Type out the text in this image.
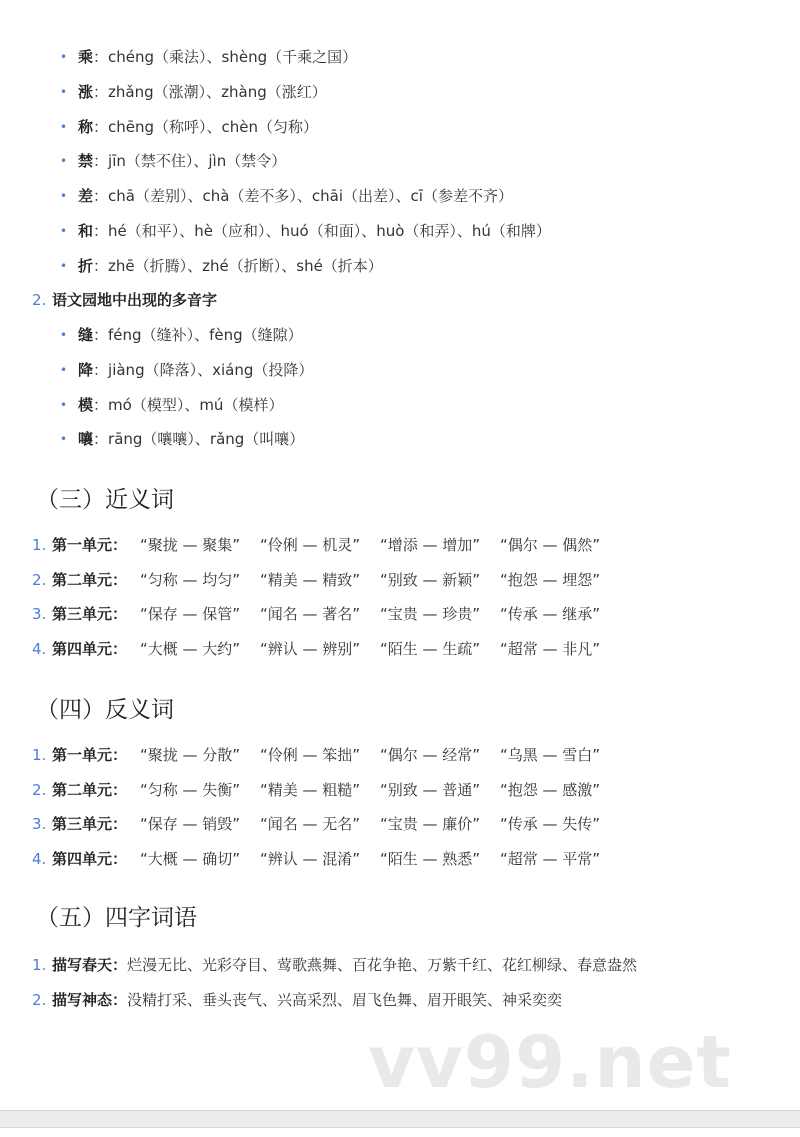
• 乘：chéng（乘法）、shèng（千乘之国）
• 涨：zhǎng（涨潮）、zhàng（涨红）
• 称：chēng（称呼）、chèn（匀称）
• 禁：jīn（禁不住）、jìn（禁令）
• 差：chā（差别）、chà（差不多）、chāi（出差）、cī（参差不齐）
• 和：hé（和平）、hè（应和）、huó（和面）、huò（和弄）、hú（和牌）
• 折：zhē（折腾）、zhé（折断）、shé（折本）
2. 语文园地中出现的多音字
• 缝：féng（缝补）、fèng（缝隙）
• 降：jiàng（降落）、xiáng（投降）
• 模：mó（模型）、mú（模样）
• 嚷：rāng（嚷嚷）、rǎng（叫嚷）
（三）近义词
1. 第一单元： “聚拢 — 聚集” “伶俐 — 机灵” “增添 — 增加” “偶尔 — 偶然”
2. 第二单元： “匀称 — 均匀” “精美 — 精致” “别致 — 新颖” “抱怨 — 埋怨”
3. 第三单元： “保存 — 保管” “闻名 — 著名” “宝贵 — 珍贵” “传承 — 继承”
4. 第四单元： “大概 — 大约” “辨认 — 辨别” “陌生 — 生疏” “超常 — 非凡”
（四）反义词
1. 第一单元： “聚拢 — 分散” “伶俐 — 笨拙” “偶尔 — 经常” “乌黑 — 雪白”
2. 第二单元： “匀称 — 失衡” “精美 — 粗糙” “别致 — 普通” “抱怨 — 感激”
3. 第三单元： “保存 — 销毁” “闻名 — 无名” “宝贵 — 廉价” “传承 — 失传”
4. 第四单元： “大概 — 确切” “辨认 — 混淆” “陌生 — 熟悉” “超常 — 平常”
（五）四字词语
1. 描写春天：烂漫无比、光彩夺目、莺歌燕舞、百花争艳、万紫千红、花红柳绿、春意盎然
2. 描写神态：没精打采、垂头丧气、兴高采烈、眉飞色舞、眉开眼笑、神采奕奕
vv99.net
